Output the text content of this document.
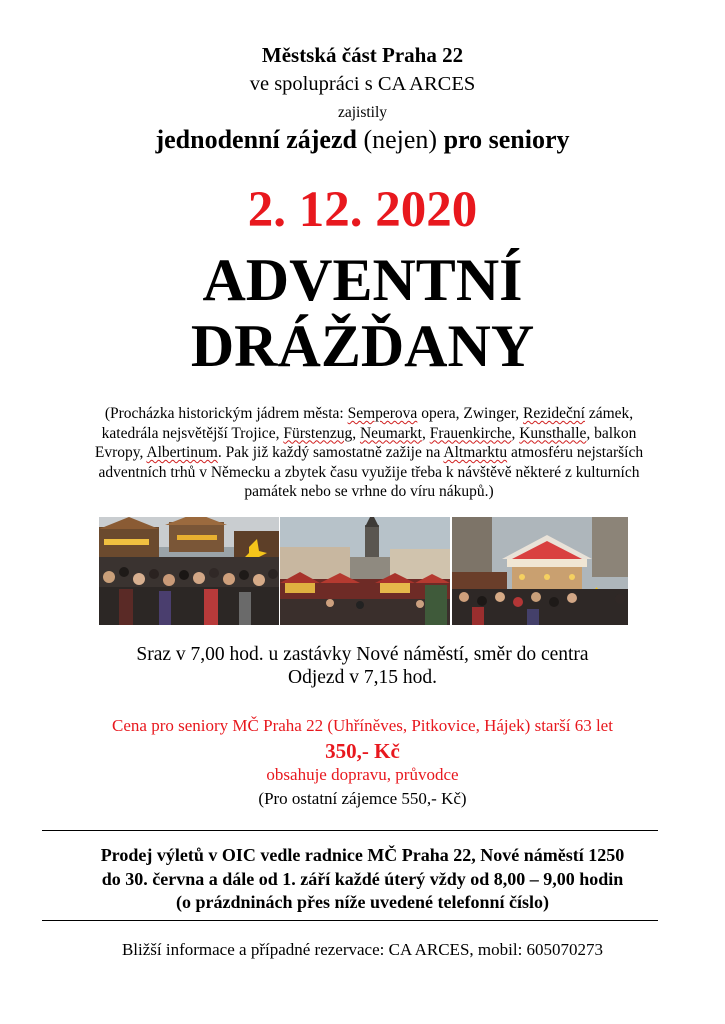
Městská část Praha 22
ve spolupráci s CA ARCES
zajistily
jednodenní zájezd (nejen) pro seniory
2. 12. 2020
ADVENTNÍ
DRÁŽĎANY
(Procházka historickým jádrem města: Semperova opera, Zwinger, Rezideční zámek, katedrála nejsvětější Trojice, Fürstenzug, Neumarkt, Frauenkirche, Kunsthalle, balkon Evropy, Albertinum. Pak již každý samostatně zažije na Altmarktu atmosféru nejstarších adventních trhů v Německu a zbytek času využije třeba k návštěvě některé z kulturních památek nebo se vrhne do víru nákupů.)
Sraz v 7,00 hod. u zastávky Nové náměstí, směr do centra
Odjezd v 7,15 hod.
Cena pro seniory MČ Praha 22 (Uhříněves, Pitkovice, Hájek) starší 63 let
350,- Kč
obsahuje dopravu, průvodce
(Pro ostatní zájemce 550,- Kč)
Prodej výletů v OIC vedle radnice MČ Praha 22, Nové náměstí 1250
do 30. června a dále od 1. září každé úterý vždy od 8,00 – 9,00 hodin
(o prázdninách přes níže uvedené telefonní číslo)
Bližší informace a případné rezervace: CA ARCES, mobil: 605070273
